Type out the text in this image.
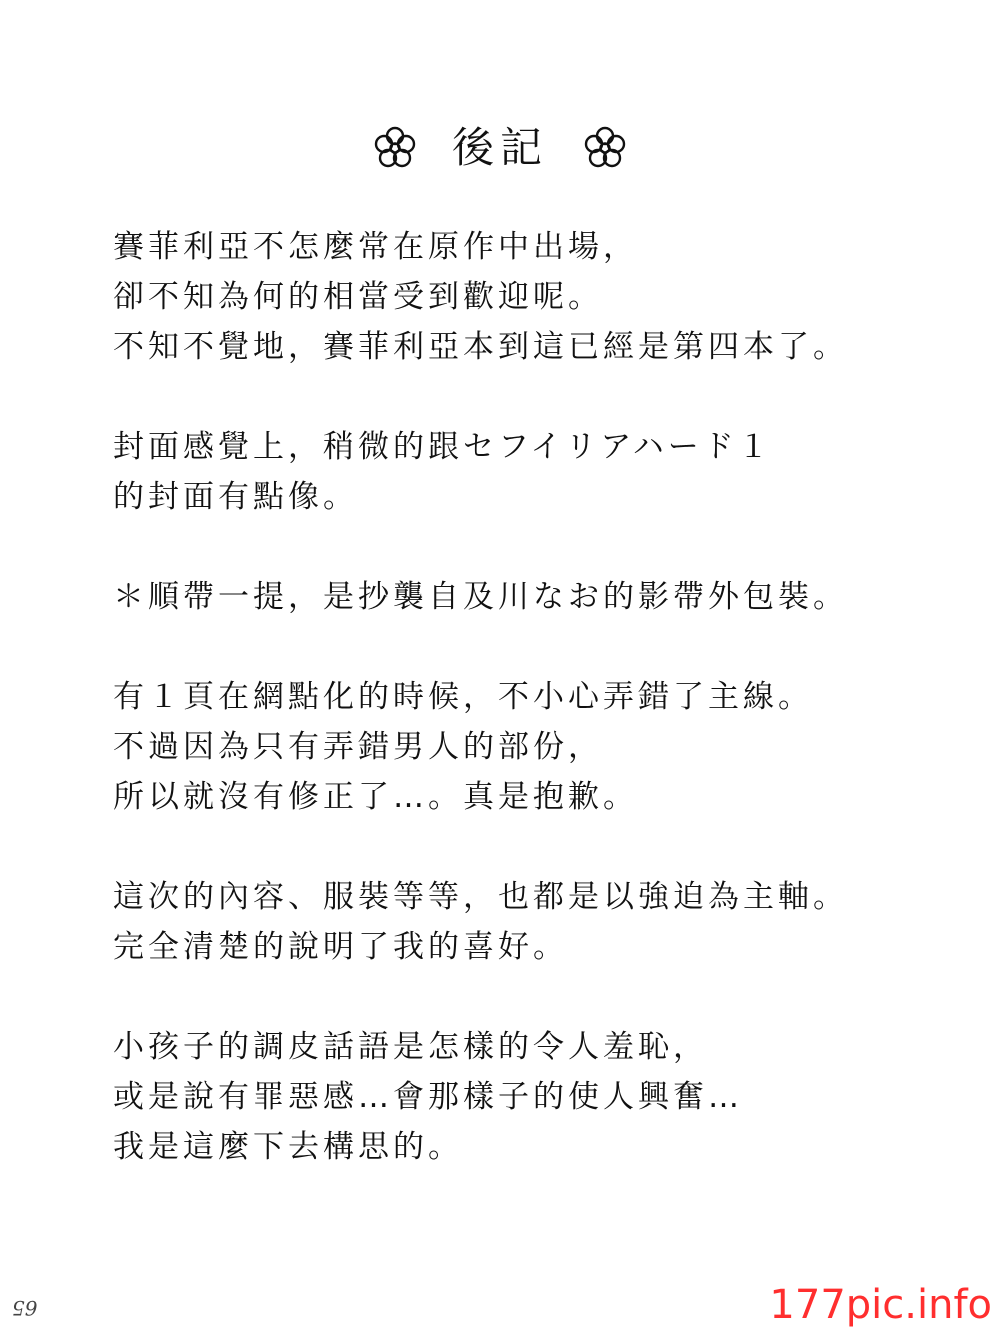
後記
賽菲利亞不怎麼常在原作中出場，
卻不知為何的相當受到歡迎呢。
不知不覺地，賽菲利亞本到這已經是第四本了。
封面感覺上，稍微的跟セフイリアハード１
的封面有點像。
＊順帶一提，是抄襲自及川なお的影帶外包裝。
有１頁在網點化的時候，不小心弄錯了主線。
不過因為只有弄錯男人的部份，
所以就沒有修正了…。真是抱歉。
這次的內容、服裝等等，也都是以強迫為主軸。
完全清楚的說明了我的喜好。
小孩子的調皮話語是怎樣的令人羞恥，
或是說有罪惡感…會那樣子的使人興奮…
我是這麼下去構思的。
65	177pic.info
